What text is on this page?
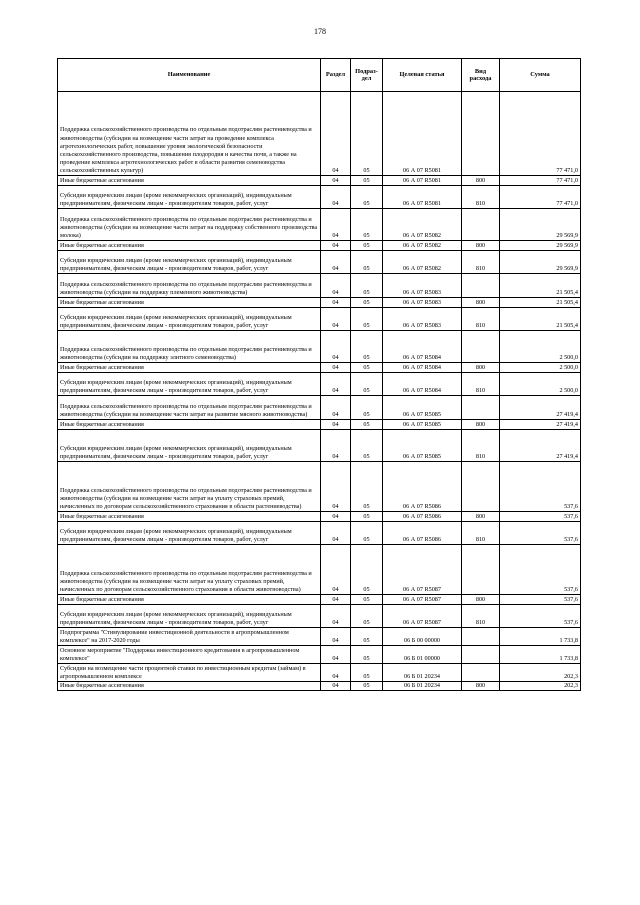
178
Наименование	Раздел	Подраз-дел	Целевая статья	Вид расхода	Сумма
Поддержка сельскохозяйственного производства по отдельным подотраслям растениеводства и животноводства (субсидии на возмещение части затрат на проведение комплекса агротехнологических работ, повышение уровня экологической безопасности сельскохозяйственного производства, повышения плодородия и качества почв, а также на проведение комплекса агротехнологических работ в области развития семеноводства сельскохозяйственных культур)	04	05	06 А 07 R5081		77 471,0
Иные бюджетные ассигнования	04	05	06 А 07 R5081	800	77 471,0
Субсидии юридическим лицам (кроме некоммерческих организаций), индивидуальным предпринимателям, физическим лицам - производителям товаров, работ, услуг	04	05	06 А 07 R5081	810	77 471,0
Поддержка сельскохозяйственного производства по отдельным подотраслям растениеводства и животноводства (субсидии на возмещение части затрат на поддержку собственного производства молока)	04	05	06 А 07 R5082		29 569,9
Иные бюджетные ассигнования	04	05	06 А 07 R5082	800	29 569,9
Субсидии юридическим лицам (кроме некоммерческих организаций), индивидуальным предпринимателям, физическим лицам - производителям товаров, работ, услуг	04	05	06 А 07 R5082	810	29 569,9
Поддержка сельскохозяйственного производства по отдельным подотраслям растениеводства и животноводства (субсидии на поддержку племенного животноводства)	04	05	06 А 07 R5083		21 505,4
Иные бюджетные ассигнования	04	05	06 А 07 R5083	800	21 505,4
Субсидии юридическим лицам (кроме некоммерческих организаций), индивидуальным предпринимателям, физическим лицам - производителям товаров, работ, услуг	04	05	06 А 07 R5083	810	21 505,4
Поддержка сельскохозяйственного производства по отдельным подотраслям растениеводства и животноводства (субсидии на поддержку элитного семеноводства)	04	05	06 А 07 R5084		2 500,0
Иные бюджетные ассигнования	04	05	06 А 07 R5084	800	2 500,0
Субсидии юридическим лицам (кроме некоммерческих организаций), индивидуальным предпринимателям, физическим лицам - производителям товаров, работ, услуг	04	05	06 А 07 R5084	810	2 500,0
Поддержка сельскохозяйственного производства по отдельным подотраслям растениеводства и животноводства (субсидии на возмещение части затрат на развитие мясного животноводства)	04	05	06 А 07 R5085		27 419,4
Иные бюджетные ассигнования	04	05	06 А 07 R5085	800	27 419,4
Субсидии юридическим лицам (кроме некоммерческих организаций), индивидуальным предпринимателям, физическим лицам - производителям товаров, работ, услуг	04	05	06 А 07 R5085	810	27 419,4
Поддержка сельскохозяйственного производства по отдельным подотраслям растениеводства и животноводства (субсидии на возмещение части затрат на уплату страховых премий, начисленных по договорам сельскохозяйственного страхования в области растениеводства)	04	05	06 А 07 R5086		537,6
Иные бюджетные ассигнования	04	05	06 А 07 R5086	800	537,6
Субсидии юридическим лицам (кроме некоммерческих организаций), индивидуальным предпринимателям, физическим лицам - производителям товаров, работ, услуг	04	05	06 А 07 R5086	810	537,6
Поддержка сельскохозяйственного производства по отдельным подотраслям растениеводства и животноводства (субсидии на возмещение части затрат на уплату страховых премий, начисленных по договорам сельскохозяйственного страхования в области животноводства)	04	05	06 А 07 R5087		537,6
Иные бюджетные ассигнования	04	05	06 А 07 R5087	800	537,6
Субсидии юридическим лицам (кроме некоммерческих организаций), индивидуальным предпринимателям, физическим лицам - производителям товаров, работ, услуг	04	05	06 А 07 R5087	810	537,6
Подпрограмма "Стимулирование инвестиционной деятельности в агропромышленном комплексе" на 2017-2020 годы	04	05	06 Б 00 00000		1 733,8
Основное мероприятие "Поддержка инвестиционного кредитования в агропромышленном комплексе"	04	05	06 Б 01 00000		1 733,8
Субсидии на возмещение части процентной ставки по инвестиционным кредитам (займам) в агропромышленном комплексе	04	05	06 Б 01 20234		202,3
Иные бюджетные ассигнования	04	05	06 Б 01 20234	800	202,3
